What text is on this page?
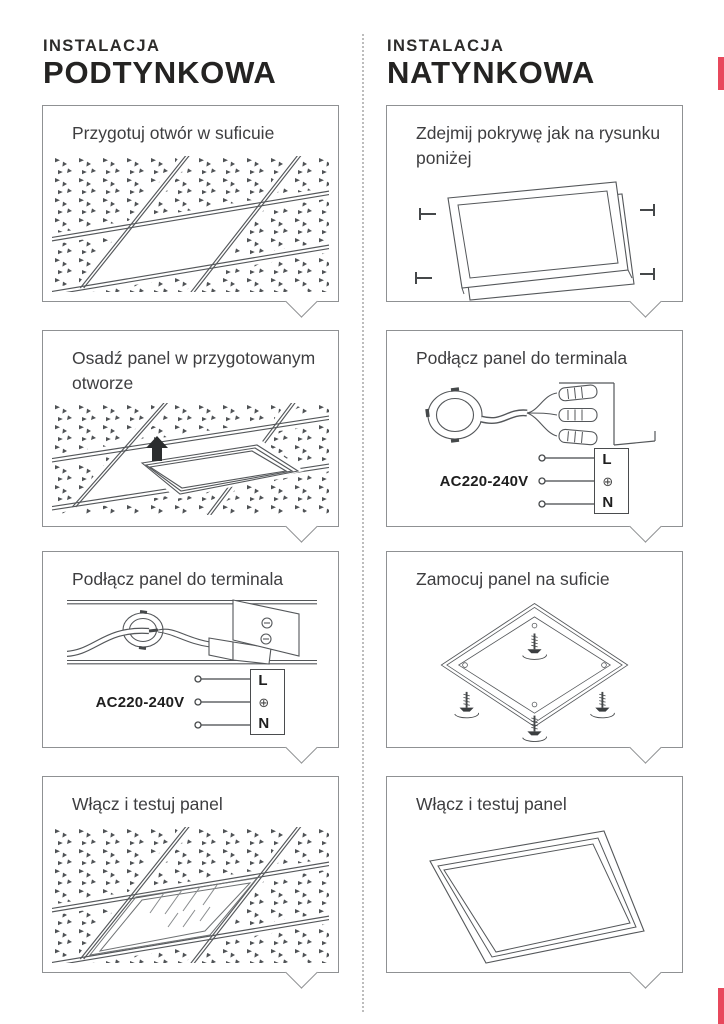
INSTALACJA
PODTYNKOWA
Przygotuj otwór w suficuie
Osadź panel w przygotowanym otworze
Podłącz panel do terminala
AC220-240V
L
⊕
N
Włącz i testuj panel
INSTALACJA
NATYNKOWA
Zdejmij pokrywę jak na rysunku poniżej
Podłącz panel do terminala
AC220-240V
L
⊕
N
Zamocuj panel na suficie
Włącz i testuj panel
